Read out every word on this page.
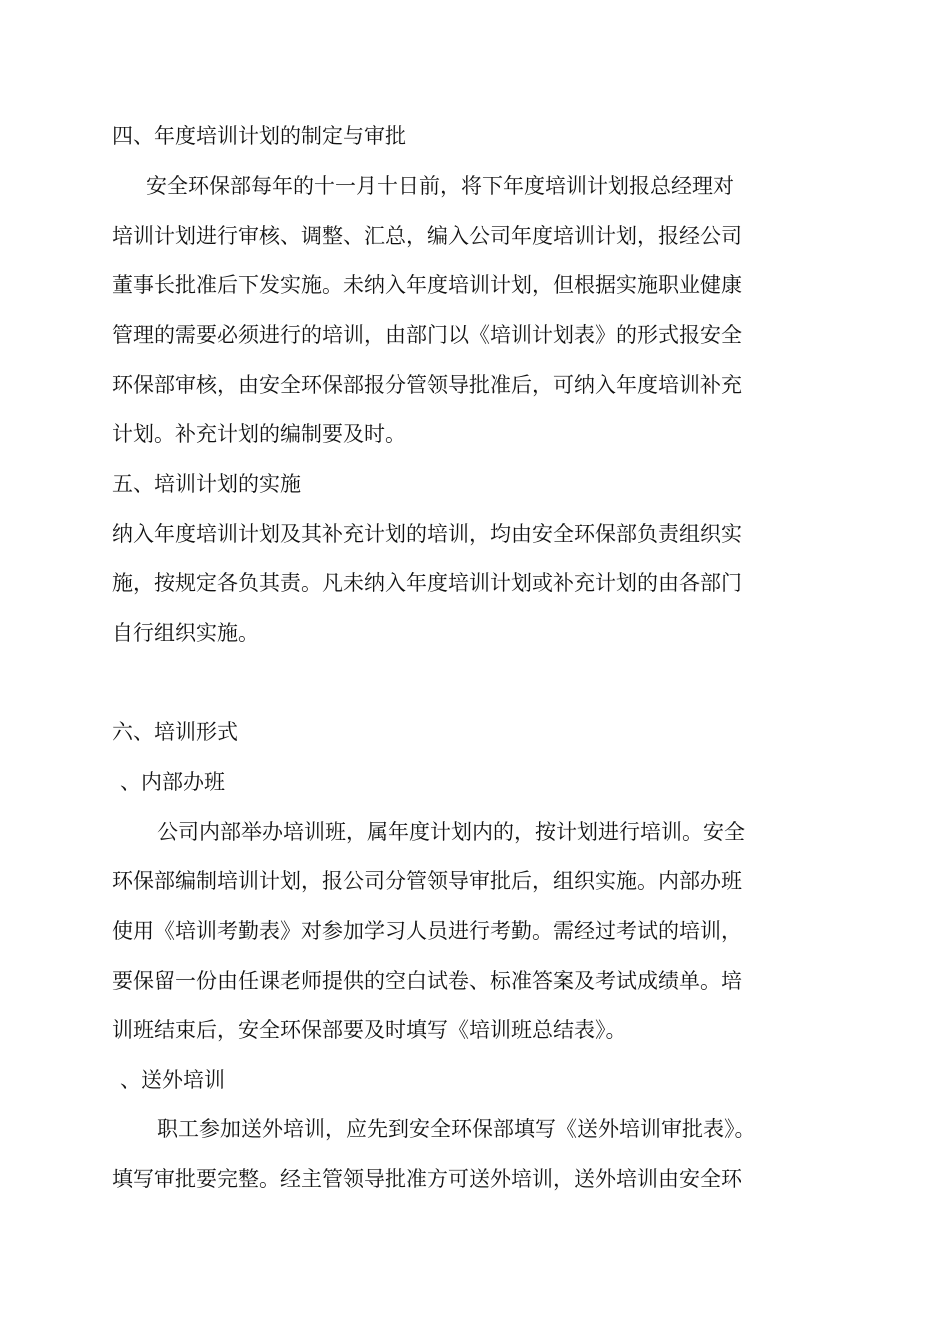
四、年度培训计划的制定与审批
安全环保部每年的十一月十日前，将下年度培训计划报总经理对
培训计划进行审核、调整、汇总，编入公司年度培训计划，报经公司
董事长批准后下发实施。未纳入年度培训计划，但根据实施职业健康
管理的需要必须进行的培训，由部门以《培训计划表》的形式报安全
环保部审核，由安全环保部报分管领导批准后，可纳入年度培训补充
计划。补充计划的编制要及时。
五、培训计划的实施
纳入年度培训计划及其补充计划的培训，均由安全环保部负责组织实
施，按规定各负其责。凡未纳入年度培训计划或补充计划的由各部门
自行组织实施。
六、培训形式
、内部办班
公司内部举办培训班，属年度计划内的，按计划进行培训。安全
环保部编制培训计划，报公司分管领导审批后，组织实施。内部办班
使用《培训考勤表》对参加学习人员进行考勤。需经过考试的培训，
要保留一份由任课老师提供的空白试卷、标准答案及考试成绩单。培
训班结束后，安全环保部要及时填写《培训班总结表》。
、送外培训
职工参加送外培训，应先到安全环保部填写《送外培训审批表》。
填写审批要完整。经主管领导批准方可送外培训，送外培训由安全环
